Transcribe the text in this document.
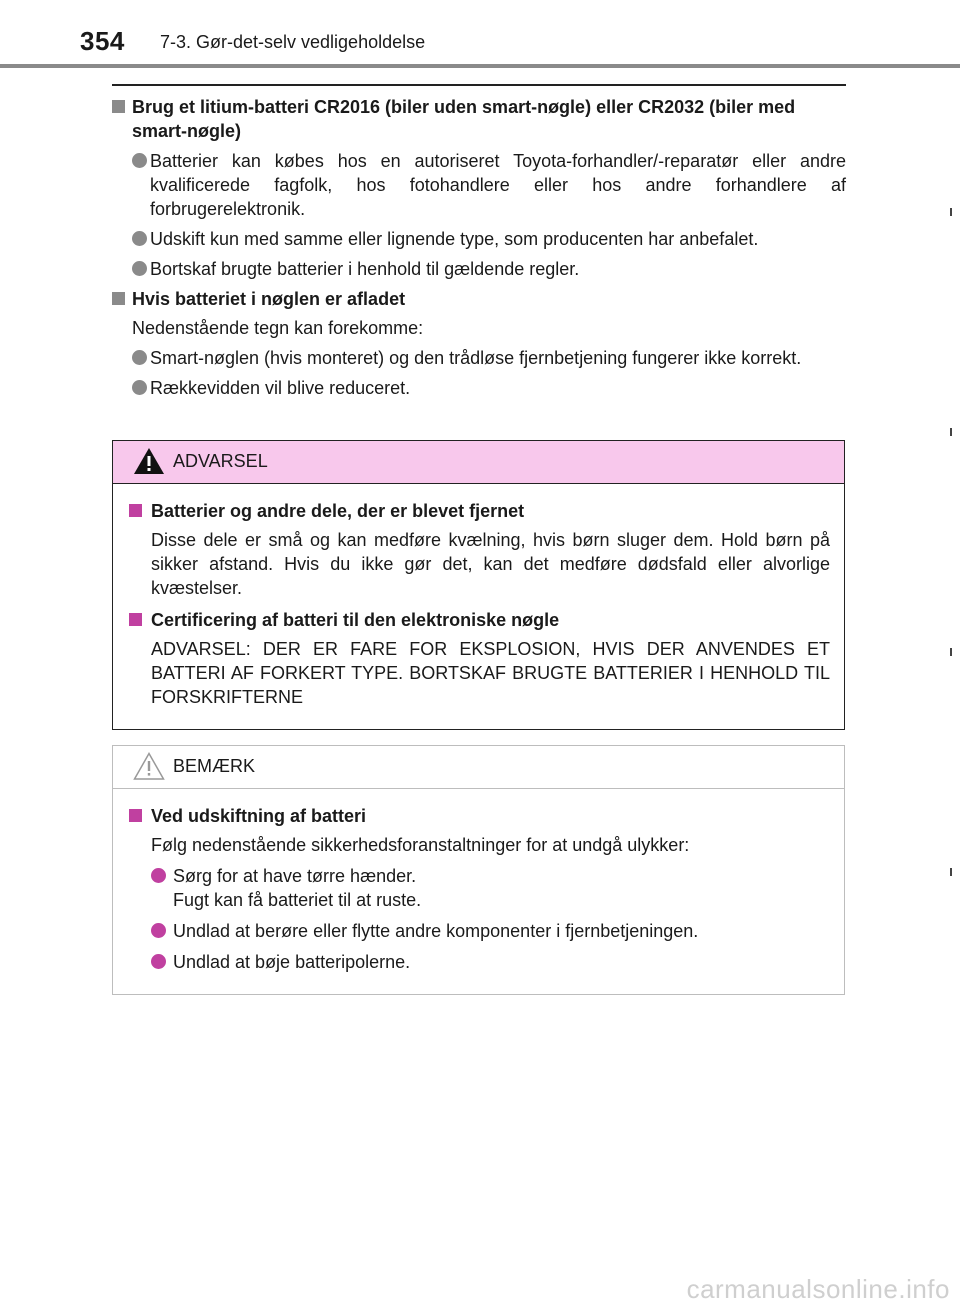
354 7-3. Gør-det-selv vedligeholdelse
Brug et litium-batteri CR2016 (biler uden smart-nøgle) eller CR2032 (biler med smart-nøgle)
Batterier kan købes hos en autoriseret Toyota-forhandler/-reparatør eller andre kvalificerede fagfolk, hos fotohandlere eller hos andre forhandlere af forbrugerelektronik.
Udskift kun med samme eller lignende type, som producenten har anbefalet.
Bortskaf brugte batterier i henhold til gældende regler.
Hvis batteriet i nøglen er afladet
Nedenstående tegn kan forekomme:
Smart-nøglen (hvis monteret) og den trådløse fjernbetjening fungerer ikke korrekt.
Rækkevidden vil blive reduceret.
ADVARSEL
Batterier og andre dele, der er blevet fjernet
Disse dele er små og kan medføre kvælning, hvis børn sluger dem. Hold børn på sikker afstand. Hvis du ikke gør det, kan det medføre dødsfald eller alvorlige kvæstelser.
Certificering af batteri til den elektroniske nøgle
ADVARSEL: DER ER FARE FOR EKSPLOSION, HVIS DER ANVENDES ET BATTERI AF FORKERT TYPE. BORTSKAF BRUGTE BATTERIER I HENHOLD TIL FORSKRIFTERNE
BEMÆRK
Ved udskiftning af batteri
Følg nedenstående sikkerhedsforanstaltninger for at undgå ulykker:
Sørg for at have tørre hænder.
Fugt kan få batteriet til at ruste.
Undlad at berøre eller flytte andre komponenter i fjernbetjeningen.
Undlad at bøje batteripolerne.
carmanualsonline.info
